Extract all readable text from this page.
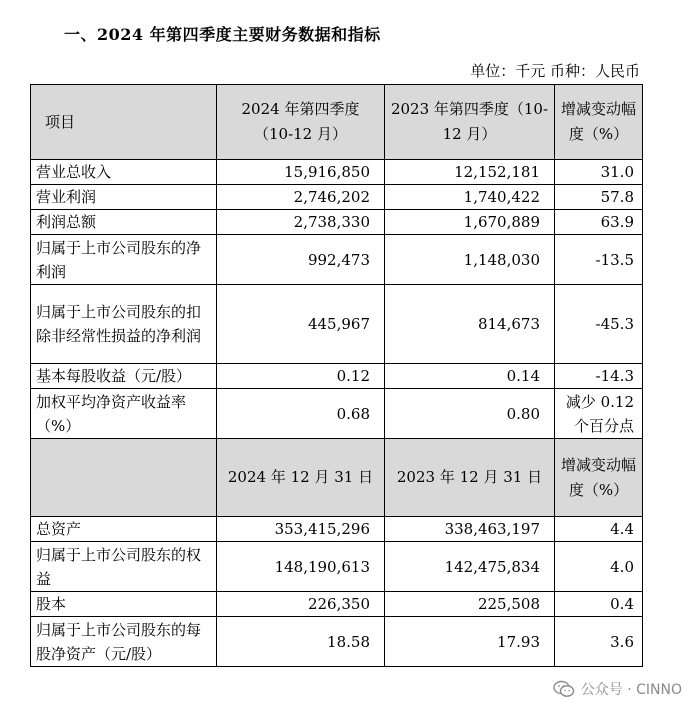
一、2024 年第四季度主要财务数据和指标
单位：千元 币种：人民币
项目	2024 年第四季度（10-12 月）	2023 年第四季度（10-12 月）	增减变动幅度（%）
营业总收入	15,916,850	12,152,181	31.0
营业利润	2,746,202	1,740,422	57.8
利润总额	2,738,330	1,670,889	63.9
归属于上市公司股东的净利润	992,473	1,148,030	-13.5
归属于上市公司股东的扣除非经常性损益的净利润	445,967	814,673	-45.3
基本每股收益（元/股）	0.12	0.14	-14.3
加权平均净资产收益率（%）	0.68	0.80	减少 0.12 个百分点
	2024 年 12 月 31 日	2023 年 12 月 31 日	增减变动幅度（%）
总资产	353,415,296	338,463,197	4.4
归属于上市公司股东的权益	148,190,613	142,475,834	4.0
股本	226,350	225,508	0.4
归属于上市公司股东的每股净资产（元/股）	18.58	17.93	3.6
公众号 · CINNO
